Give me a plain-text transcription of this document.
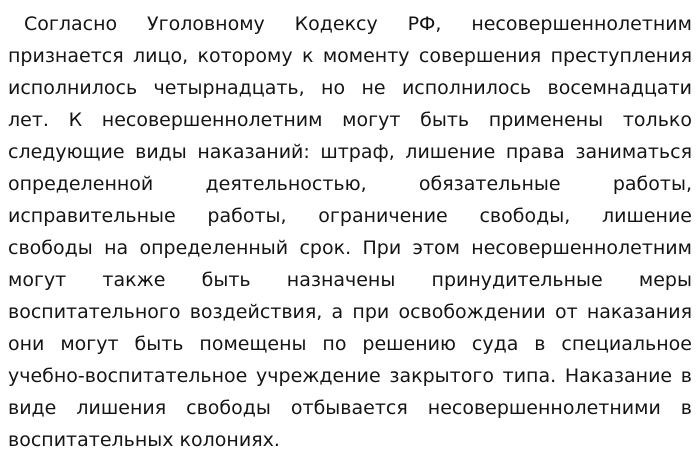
Согласно Уголовному Кодексу РФ, несовершеннолетним
признается лицо, которому к моменту совершения преступления
исполнилось четырнадцать, но не исполнилось восемнадцати
лет. К несовершеннолетним могут быть применены только
следующие виды наказаний: штраф, лишение права заниматься
определенной деятельностью, обязательные работы,
исправительные работы, ограничение свободы, лишение
свободы на определенный срок. При этом несовершеннолетним
могут также быть назначены принудительные меры
воспитательного воздействия, а при освобождении от наказания
они могут быть помещены по решению суда в специальное
учебно-воспитательное учреждение закрытого типа. Наказание в
виде лишения свободы отбывается несовершеннолетними в
воспитательных колониях.
